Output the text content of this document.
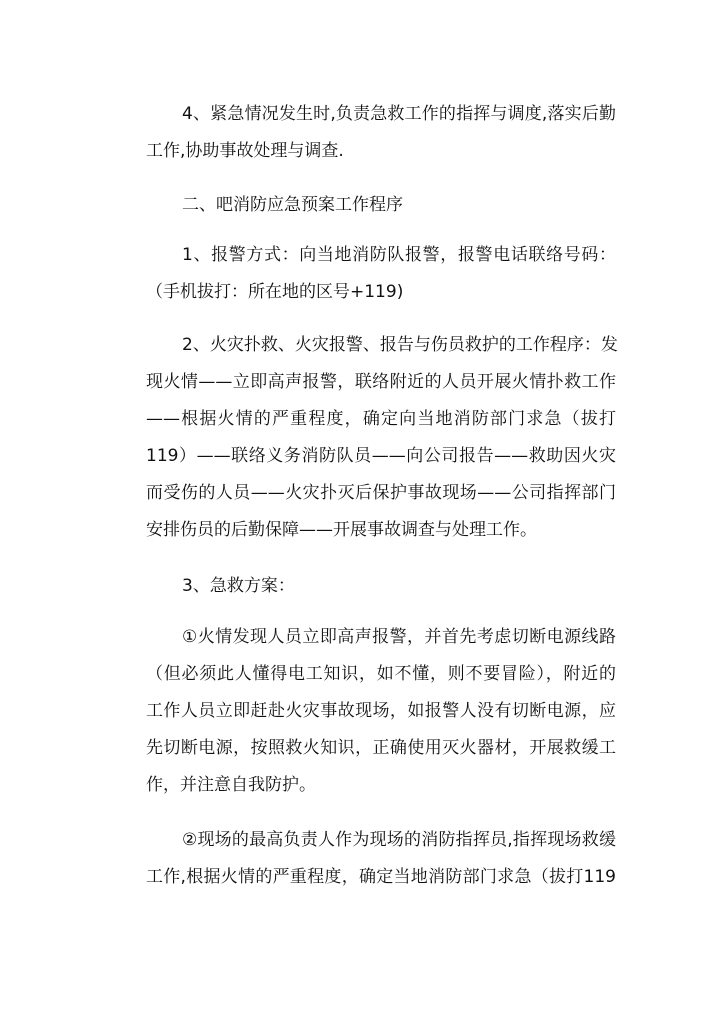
4、紧急情况发生时,负责急救工作的指挥与调度,落实后勤
工作,协助事故处理与调查.
二、吧消防应急预案工作程序
1、报警方式：向当地消防队报警，报警电话联络号码：
（手机拔打：所在地的区号+119)
2、火灾扑救、火灾报警、报告与伤员救护的工作程序：发
现火情——立即高声报警，联络附近的人员开展火情扑救工作
——根据火情的严重程度，确定向当地消防部门求急（拔打
119）——联络义务消防队员——向公司报告——救助因火灾
而受伤的人员——火灾扑灭后保护事故现场——公司指挥部门
安排伤员的后勤保障——开展事故调查与处理工作。
3、急救方案：
①火情发现人员立即高声报警，并首先考虑切断电源线路
（但必须此人懂得电工知识，如不懂，则不要冒险），附近的
工作人员立即赶赴火灾事故现场，如报警人没有切断电源，应
先切断电源，按照救火知识，正确使用灭火器材，开展救缓工
作，并注意自我防护。
②现场的最高负责人作为现场的消防指挥员,指挥现场救缓
工作,根据火情的严重程度，确定当地消防部门求急（拔打119
